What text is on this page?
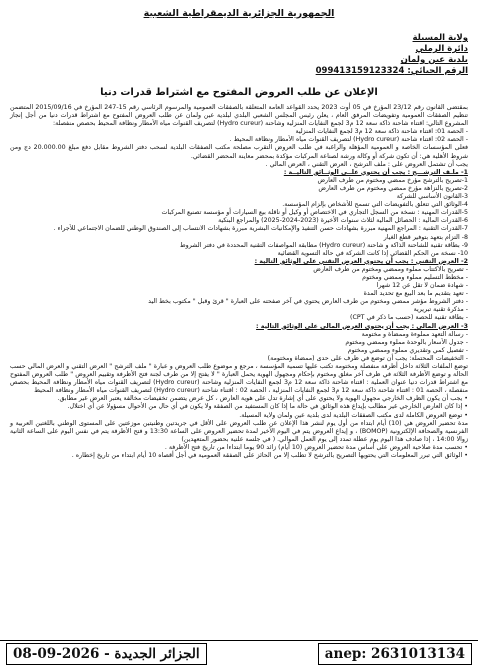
الجمهورية الجزائرية الديمقراطية الشعبية
ولاية المسيلة
دائرة الرملي
بلدية عين ولمان
الرقم الجبائي: 099413159123324
الإعلان عن طلب العروض المفتوح مع اشتراط قدرات دنيا

بمقتضى القانون رقم 23/12 المؤرخ في 05 أوت 2023 يحدد القواعد العامة المتعلقة بالصفقات العمومية والمرسوم الرئاسي رقم 15-247 المؤرخ في 2015/09/16 المتضمن تنظيم الصفقات العمومية وتفويضات المرفق العام ، يعلن رئيس المجلس الشعبي البلدي لبلدية عين ولمان عن طلب العروض المفتوح مع اشتراط قدرات دنيا من أجل إنجاز المشروع التالي: اقتناء شاحنة ذاكة سعة 12 م3 لجمع النفايات المنزلية وشاحنة (Hydro cureur) لتصريف القنوات مياه الأمطار ونظافة المحيط بحصص منفصلة:

- الحصة 01: اقتناء شاحنة ذاكة سعة 12 م3 لجمع النفايات المنزلية

- الحصة 02: اقتناء شاحنة (Hydro cureur) لتصريف القنوات مياه الأمطار ونظافة المحيط .

فعلى المؤسسات الخاصة و العمومية المؤهلة والراغبة في طلب العروض التقرب مصلحة مكتب الصفقات البلدية لسحب دفتر الشروط مقابل دفع مبلغ 20.000.00 دج ومن شروط الأهلية هي: أن تكون شركة أو وكالة ورشة لصناعة المركبات مؤكدة بمحضر معاينة المحضر القضائي.

يجب أن تشتمل العروض على : ملف الترشح ، العرض التقني ، العرض المالي .

1- ملـف الترشـــح : يجب أن يحتوي علــى الوثــائق التاليــة :

1-تصريح بالترشح مؤرخ ممضي ومختوم من طرف العارض

2-تصريح بالنزاهة مؤرخ ممضي ومختوم من طرف العارض

3-القانون الأساسي للشركة

4-الوثائق التي تتعلق بالتفويضات التي تسمح للأشخاص بإلزام المؤسسة.

5-القدرات المهنية : نسخة من السجل التجاري في الاختصاص أو وكيل أو ناقلة بيع السيارات أو مؤسسة تصنيع المركبات

6-القدرات المالية : الحصائل المالية لثلاث سنوات الأخيرة (2023-2024-2025) والمراجع البنكية

7-القدرات التقنية : المراجع المهنية مبررة بشهادات حسن التنفيذ والإمكانيات البشرية مبررة بشهادات الانتساب إلى الصندوق الوطني للضمان الاجتماعي للأجراء .

8- التزام بتعهد بتوفير قطع الغيار

9- بطاقة تقنية للشاحنة الذاكة و شاحنة (Hydro cureur) مطابقة المواصفات التقنية المحددة في دفتر الشروط

10- نسخة من الحكم القضائي إذا كانت الشركة في حالة التسوية القضائية

2- العرض التقني : يجب أن يحتوي العرض التقني على الوثائق التالية :

- تصريح بالاكتتاب مملوء وممضي ومختوم من طرف العارض

- مخطط التسليم مملوء وممضي ومختوم

- شهادة ضمان لا تقل عن 12 شهرا

- تعهد بتقديم ما بعد البيع مع تحديد المدة

- دفتر الشروط مؤشر ممضي ومختوم من طرف العارض يحتوي في آخر صفحته على العبارة " قرئ وقبل " مكتوب بخط اليد

- مذكرة تقنية تبريرية

- بطاقة تقنية للحصة (حسب ما ذكر في CPT)

3- العرض المالي : يجب أن يحتوي العرض المالي على الوثائق التالية :

- رسالة التعهد مملوءة وممضاة و مختومة

- جدول الأسعار بالوحدة مملوء وممضي ومختوم

- تفصيل كمي وتقديري مملوء وممضي ومختوم

- التخفيضات المحتملة: يجب أن توضع في ظرف على حدى (ممضاة ومختومة)

توضع الملفات الثلاثة داخل أظرفة منفصلة ومختومة تكتب عليها تسمية المؤسسة ، مرجع و موضوع طلب العروض و عبارة " ملف الترشح " العرض التقني و العرض المالي حسب الحالة و توضع الأظرفة الثلاثة في ظرف آخر مغلق ومختوم بإحكام ومجهول الهوية يحمل العبارة " لا يفتح إلا من طرف لجنة فتح الأظرفة وتقييم العروض " طلب العروض المفتوح مع اشتراط قدرات دنيا عنوان العملية : اقتناء شاحنة ذاكة سعة 12 م3 لجمع النفايات المنزلية وشاحنة (Hydro cureur) لتصريف القنوات مياه الأمطار ونظافة المحيط بحصص منفصلة ، الحصة 01 : اقتناء شاحنة ذاكة سعة 12 م3 لجمع النفايات المنزلية ، الحصة 02 : اقتناء شاحنة (Hydro cureur) لتصريف القنوات مياه الأمطار ونظافة المحيط

• يجب أن يكون الظرف الخارجي مجهول الهوية ولا يحتوي على أي إشارة تدل على هوية العارض ، كل عرض يتضمن تخفيضات مخالفة يعتبر العرض غير مطابق.

• إذا كان العارض الخارجي غير مطالب بإيداع هذه الوثائق في حالة ما إذا كان المستفيد من الصفقة ولا يكون في أي حال من الأحوال مسؤولا عن أي اختلال.

• توضع العروض الكاملة لدى مكتب الصفقات البلدية لدى بلدية عين ولمان ولاية المسيلة.

مدة تحضير العروض هي (10) أيام ابتداء من أول يوم لنشر هذا الإعلان عن طلب العروض على الأقل في جريدتين وطنيتين موزعتين على المستوى الوطني باللغتين العربية و الفرنسية والصحافة الإلكترونية (BOMOP) ، و إيداع العروض يتم في اليوم الأخير لمدة تحضير العروض على الساعة 13:30 و فتح الأظرفة يتم في نفس اليوم على الساعة الثانية زوالا 14:00 ، إذا صادف هذا اليوم يوم عطلة تمدد إلى يوم العمل الموالي. ( في جلسة علنية بحضور المتعهدين)

• تحسب مدة صلاحية العروض على أساس مدة تحضير العروض (10 أيام) زائد 90 يوما ابتداءا من تاريخ فتح الأظرفة .

• الوثائق التي تبرر المعلومات التي يحتويها التصريح بالترشح لا تطلب إلا من الحائز على الصفقة العمومية في أجل أقصاه 10 أيام ابتداء من تاريخ إخطاره .

الجزائر الجديدة - 2026-09-08	anep: 2631013134
